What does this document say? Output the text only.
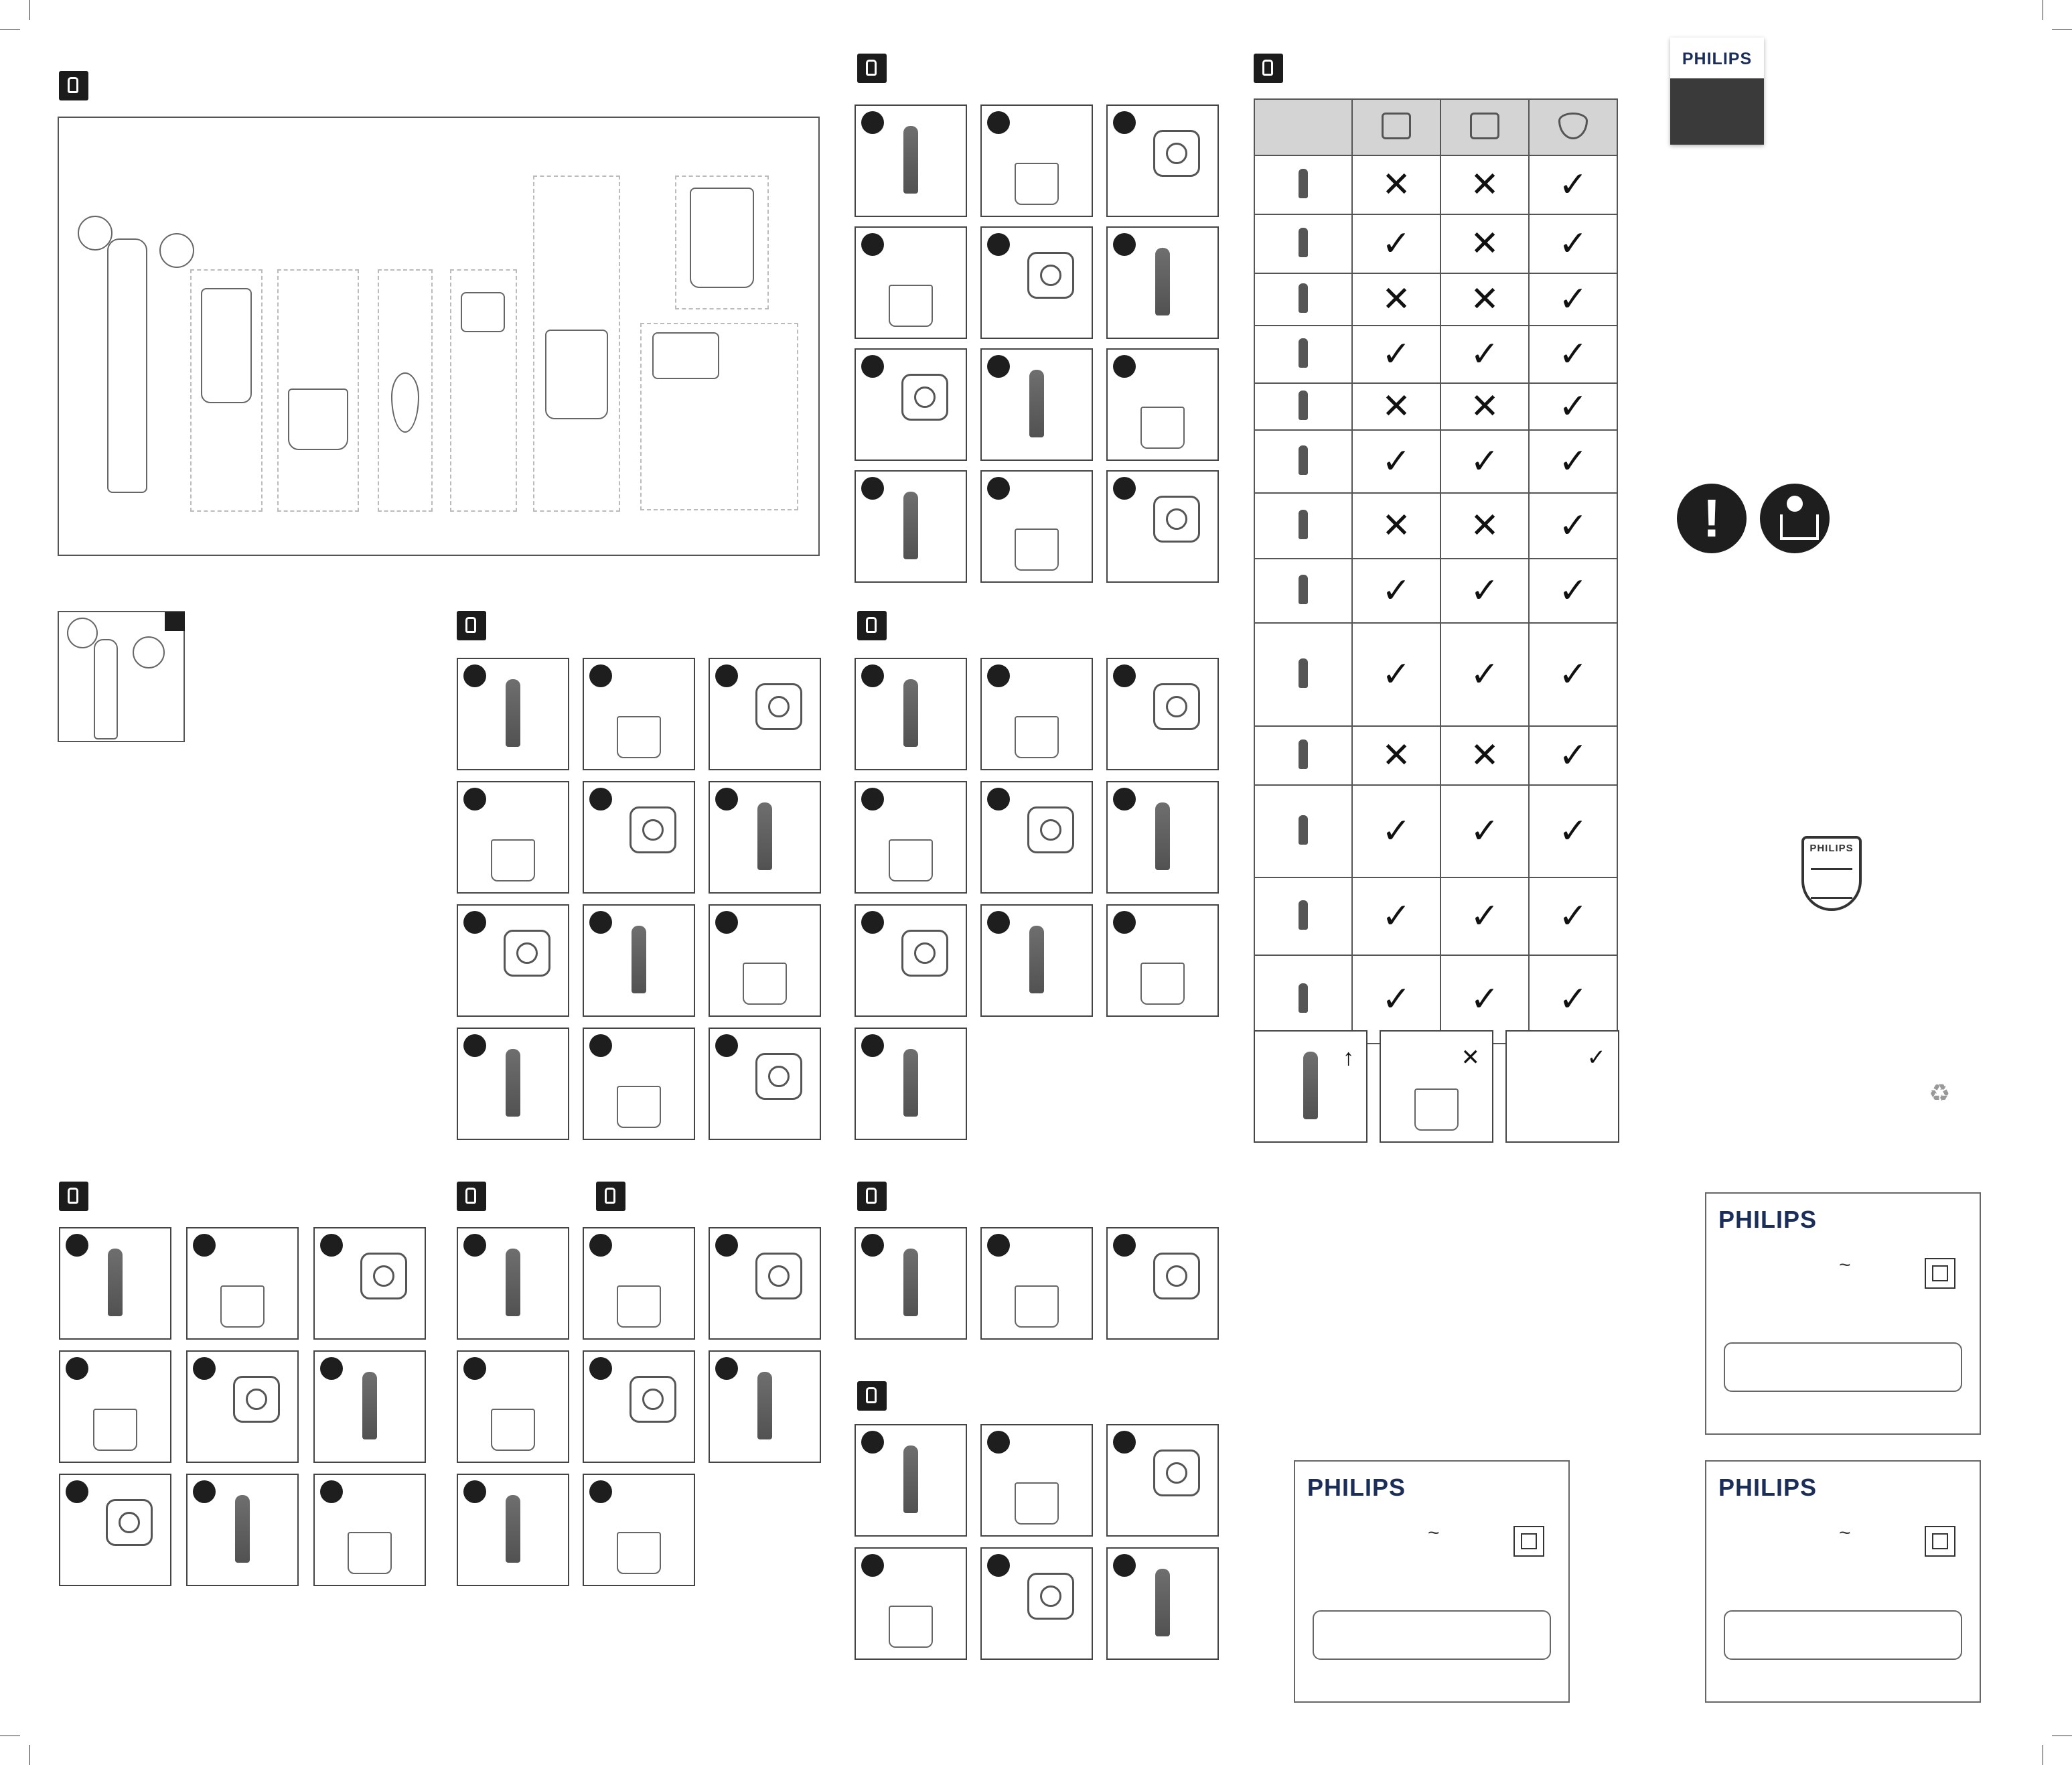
	✕	✕	✓
	✓	✕	✓
	✕	✕	✓
	✓	✓	✓
	✕	✕	✓
	✓	✓	✓
	✕	✕	✓
	✓	✓	✓
	✓	✓	✓
	✕	✕	✓
	✓	✓	✓
	✓	✓	✓
	✓	✓	✓
↑	✕	✓
PHILIPS
!
PHILIPS
♻
PHILIPS
~
PHILIPS
~
PHILIPS
~
